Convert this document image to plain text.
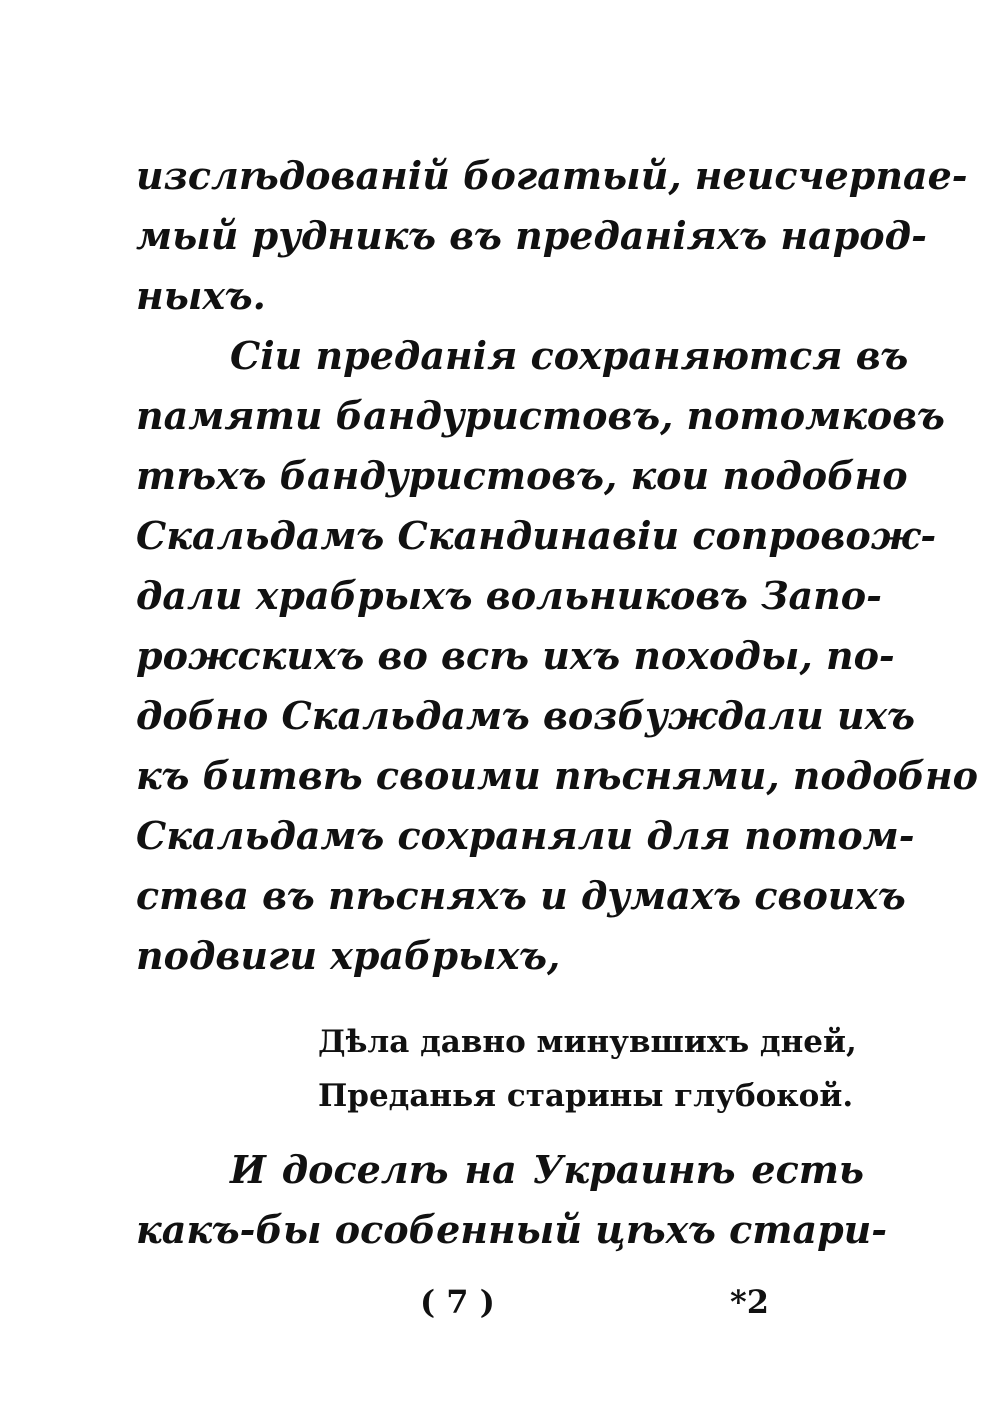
изслѣдованій богатый, неисчерпае-
мый рудникъ въ преданіяхъ народ-
ныхъ.
Сіи преданія сохраняются въ
памяти бандуристовъ, потомковъ
тѣхъ бандуристовъ, кои подобно
Скальдамъ Скандинавіи сопровож-
дали храбрыхъ вольниковъ Запо-
рожскихъ во всѣ ихъ походы, по-
добно Скальдамъ возбуждали ихъ
къ битвѣ своими пѣснями, подобно
Скальдамъ сохраняли для потом-
ства въ пѣсняхъ и думахъ своихъ
подвиги храбрыхъ,
Дѣла давно минувшихъ дней,
Преданья старины глубокой.
И доселѣ на Украинѣ есть
какъ-бы особенный цѣхъ стари-
( 7 )	*2
